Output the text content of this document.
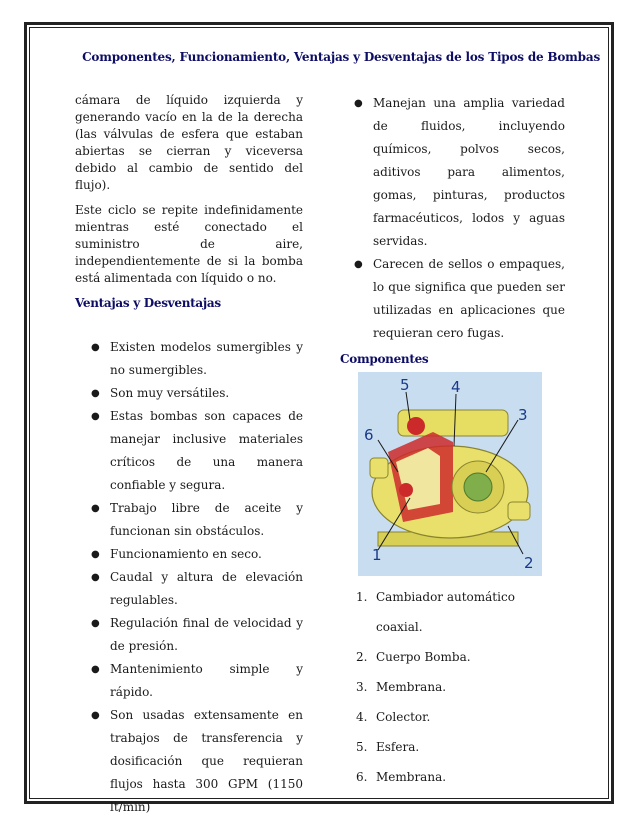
Componentes, Funcionamiento, Ventajas y Desventajas de los Tipos de Bombas

cámara de líquido izquierda y generando vacío en la de la derecha (las válvulas de esfera que estaban abiertas se cierran y viceversa debido al cambio de sentido del flujo).

Este ciclo se repite indefinidamente mientras esté conectado el suministro de aire, independientemente de si la bomba está alimentada con líquido o no.

Ventajas y Desventajas

● Existen modelos sumergibles y no sumergibles.
● Son muy versátiles.
● Estas bombas son capaces de manejar inclusive materiales críticos de una manera confiable y segura.
● Trabajo libre de aceite y funcionan sin obstáculos.
● Funcionamiento en seco.
● Caudal y altura de elevación regulables.
● Regulación final de velocidad y de presión.
● Mantenimiento simple y rápido.
● Son usadas extensamente en trabajos de transferencia y dosificación que requieran flujos hasta 300 GPM (1150 lt/min)
● Manejan una amplia variedad de fluidos, incluyendo químicos, polvos secos, aditivos para alimentos, gomas, pinturas, productos farmacéuticos, lodos y aguas servidas.
● Carecen de sellos o empaques, lo que significa que pueden ser utilizadas en aplicaciones que requieran cero fugas.

Componentes

5	4
3
6
1	2
1. Cambiador automático coaxial.
2. Cuerpo Bomba.
3. Membrana.
4. Colector.
5. Esfera.
6. Membrana.
